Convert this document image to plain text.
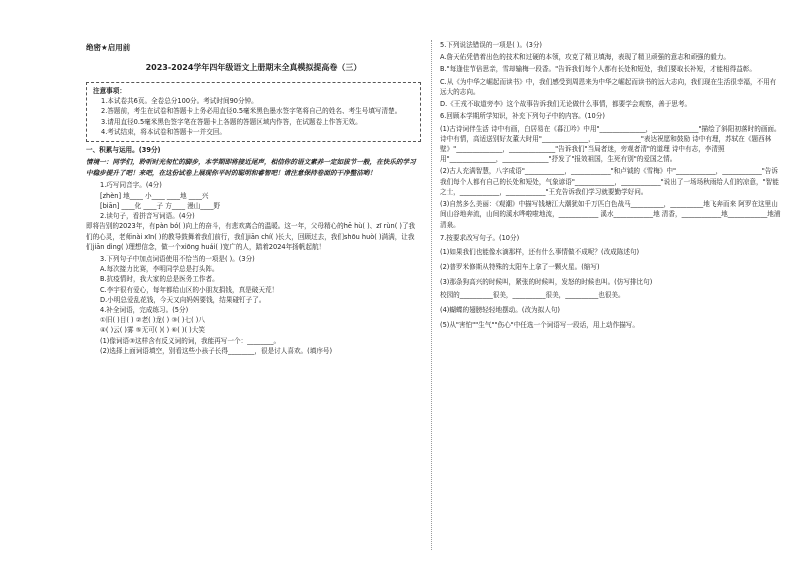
绝密★启用前

2023-2024学年四年级语文上册期末全真模拟提高卷（三）

注意事项：

1.本试卷共6页。全卷总分100分。考试时间90分钟。

2.答题前，考生在试卷和答题卡上务必用直径0.5毫米黑色墨水签字笔将自己的姓名、考生号填写清楚。

3.请用直径0.5毫米黑色签字笔在答题卡上各题的答题区域内作答，在试题卷上作答无效。

4.考试结束，将本试卷和答题卡一并交回。

一、积累与运用。(39分)

情境一：同学们，聆听时光匆忙的脚步，本学期即将接近尾声，相信你的语文素养一定如拔节一般，在快乐的学习中稳步提升了吧！来吧，在这份试卷上展现你平时的聪明和睿智吧！请注意保持卷面的干净整洁哟！

1.巧写同音字。(4分)

[zhèn] 地____ 小____ ____地 ____兴

[biān] ____化 ____子 方____ 漫山____野

2.读句子，看拼音写词语。(4分)

即将告别的2023年，有pàn bó( )向上的奋斗，有悲欢离合的温暖。这一年，父母精心的hē hù( )、zī rùn( )了我们的心灵，老师nài xīn( )的教导鼓舞着我们前行，我们jiān chí( )长大，回顾过去，我们shōu huò( )满满，让我们jiān dìng( )理想信念，做一个xiōng huái( )宽广的人，踏着2024年扬帆起航！

3.下列句子中加点词语使用不恰当的一项是( )。(3分)

A.每次接力比赛，李明同学总是打头阵。

B.抗疫情时，我大家的总是医务工作者。

C.李宇很有爱心，每年都给山区的小朋友捐钱，真是破天荒！

D.小明总爱乱花钱，今天又向妈妈要钱，结果碰钉子了。

4.补全词语，完成练习。(5分)

①旧( )目( ) ②老( )龙( ) ③( )七( )八

④( )云( )雾 ⑤无可( )( ) ⑥( )( )大笑

(1)像词语③这样含有反义词的词，我能再写一个：________。

(2)选择上面词语填空，别看这些小孩子长得________，很是讨人喜欢。(填序号)

5.下列说法错误的一项是( )。(3分)

A.詹天佑凭借着出色的技术和过硬的本领，攻克了精卫填海，表现了精卫顽强的意志和顽强的毅力。

B."每逢佳节倍思亲，雪却输梅一段香。"告诉我们每个人都有长处和短处，我们要取长补短，才能相得益彰。

C.从《为中华之崛起而读书》中，我们感受到周恩来为中华之崛起而读书的远大志向，我们现在生活很幸福，不用有远大的志向。

D.《王戎不取道旁李》这个故事告诉我们无论做什么事情，都要学会观察，善于思考。

6.回顾本学期所学知识，补充下列句子中的内容。(10分)

(1)古诗词伴生活 诗中有画，白居易在《暮江吟》中用"______________，______________"描绘了斜阳初落时的画面。诗中有情，高适送别好友董大时用"______________，______________"表达祝愿和鼓励 诗中有理，苏轼在《题西林壁》"______________，______________"告诉我们"当局者迷，旁观者清"的道理 诗中有志，李清照用"______________，______________"抒发了"报效祖国，生死有别"的爱国之情。

(2)古人充满智慧，八字成语"____________，____________"和卢钺的《雪梅》中"____________，____________"告诉我们每个人都有自己的长处和短处，气象谚语"____________，____________"说出了一场场秋雨给人们的凉意，"智能之士，____________，____________"王充告诉我们学习就要勤学好问。

(3)自然多么美丽：《观潮》中描写钱塘江大潮犹如千万匹白色战马__________，__________地飞奔而来 阿罗在这里山间山谷地奔流，山间的溪水哗啦啦地流，____________ 溪水____________地 清香，____________地____________地浦清泉。

7.按要求改写句子。(10分)

(1)如果我们也能像水滴那样，还有什么事情做不成呢？(改成陈述句)

(2)普罗米修斯从特殊的太阳车上拿了一颗火星。(缩写)

(3)那条狗高兴的时候叫，紧张的时候叫，发怒的时候也叫。(仿写排比句)

校园的__________很美，__________很美，__________也很美。

(4)蝴蝶的翅膀轻轻地摆动。(改为拟人句)

(5)从"害怕""生气""伤心"中任选一个词语写一段话，用上动作描写。
